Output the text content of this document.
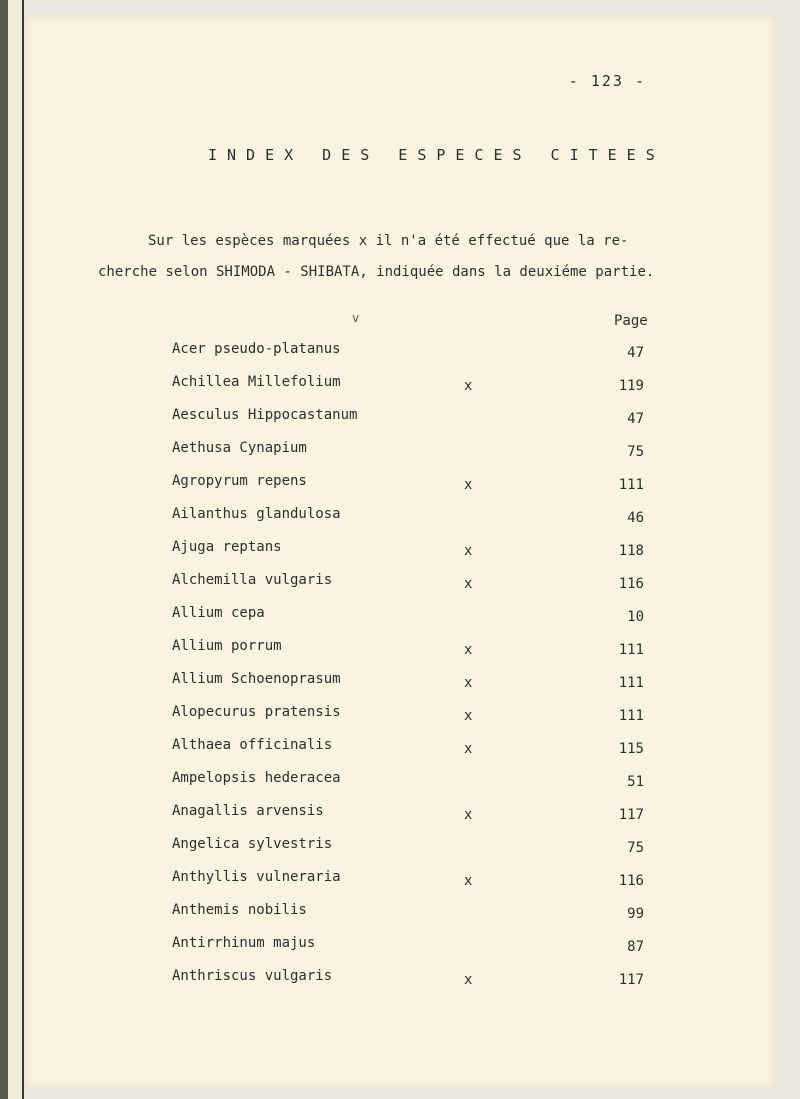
- 123 -
INDEX DES ESPECES CITEES
Sur les espèces marquées x il n'a été effectué que la re-
cherche selon SHIMODA - SHIBATA, indiquée dans la deuxiéme partie.
v	Page
Acer pseudo-platanus	47
Achillea Millefolium	x	119
Aesculus Hippocastanum	47
Aethusa Cynapium	75
Agropyrum repens	x	111
Ailanthus glandulosa	46
Ajuga reptans	x	118
Alchemilla vulgaris	x	116
Allium cepa	10
Allium porrum	x	111
Allium Schoenoprasum	x	111
Alopecurus pratensis	x	111
Althaea officinalis	x	115
Ampelopsis hederacea	51
Anagallis arvensis	x	117
Angelica sylvestris	75
Anthyllis vulneraria	x	116
Anthemis nobilis	99
Antirrhinum majus	87
Anthriscus vulgaris	x	117
